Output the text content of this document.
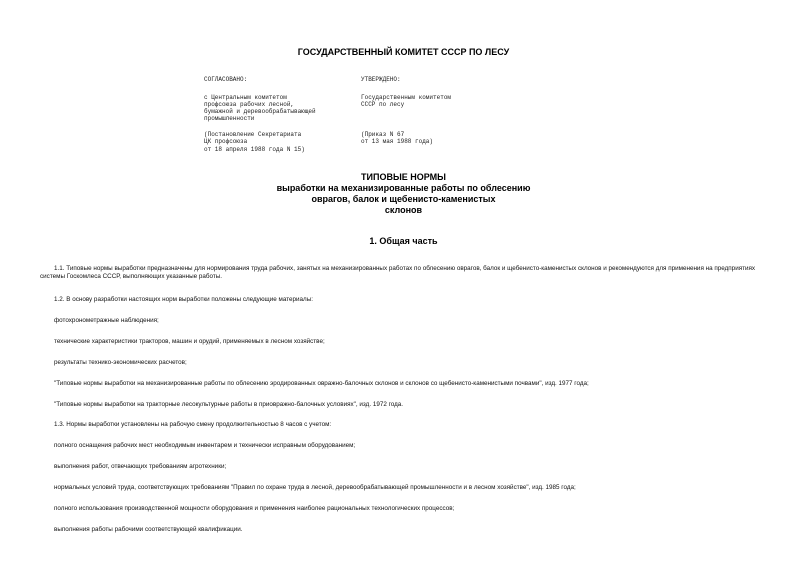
ГОСУДАРСТВЕННЫЙ КОМИТЕТ СССР ПО ЛЕСУ
СОГЛАСОВАНО:
с Центральным комитетом
профсоюза рабочих лесной,
бумажной и деревообрабатывающей
промышленности
(Постановление Секретариата
ЦК профсоюза
от 18 апреля 1988 года N 15)
УТВЕРЖДЕНО:
Государственным комитетом
СССР по лесу
(Приказ N 67
от 13 мая 1988 года)
ТИПОВЫЕ НОРМЫ
выработки на механизированные работы по облесению
оврагов, балок и щебенисто-каменистых
склонов
1. Общая часть
1.1. Типовые нормы выработки предназначены для нормирования труда рабочих, занятых на механизированных работах по облесению оврагов, балок и щебенисто-каменистых склонов и рекомендуются для применения на предприятиях системы Госкомлеса СССР, выполняющих указанные работы.
1.2. В основу разработки настоящих норм выработки положены следующие материалы:
фотохронометражные наблюдения;
технические характеристики тракторов, машин и орудий, применяемых в лесном хозяйстве;
результаты технико-экономических расчетов;
"Типовые нормы выработки на механизированные работы по облесению эродированных овражно-балочных склонов и склонов со щебенисто-каменистыми почвами", изд. 1977 года;
"Типовые нормы выработки на тракторные лесокультурные работы в приовражно-балочных условиях", изд. 1972 года.
1.3. Нормы выработки установлены на рабочую смену продолжительностью 8 часов с учетом:
полного оснащения рабочих мест необходимым инвентарем и технически исправным оборудованием;
выполнения работ, отвечающих требованиям агротехники;
нормальных условий труда, соответствующих требованиям "Правил по охране труда в лесной, деревообрабатывающей промышленности и в лесном хозяйстве", изд. 1985 года;
полного использования производственной мощности оборудования и применения наиболее рациональных технологических процессов;
выполнения работы рабочими соответствующей квалификации.
